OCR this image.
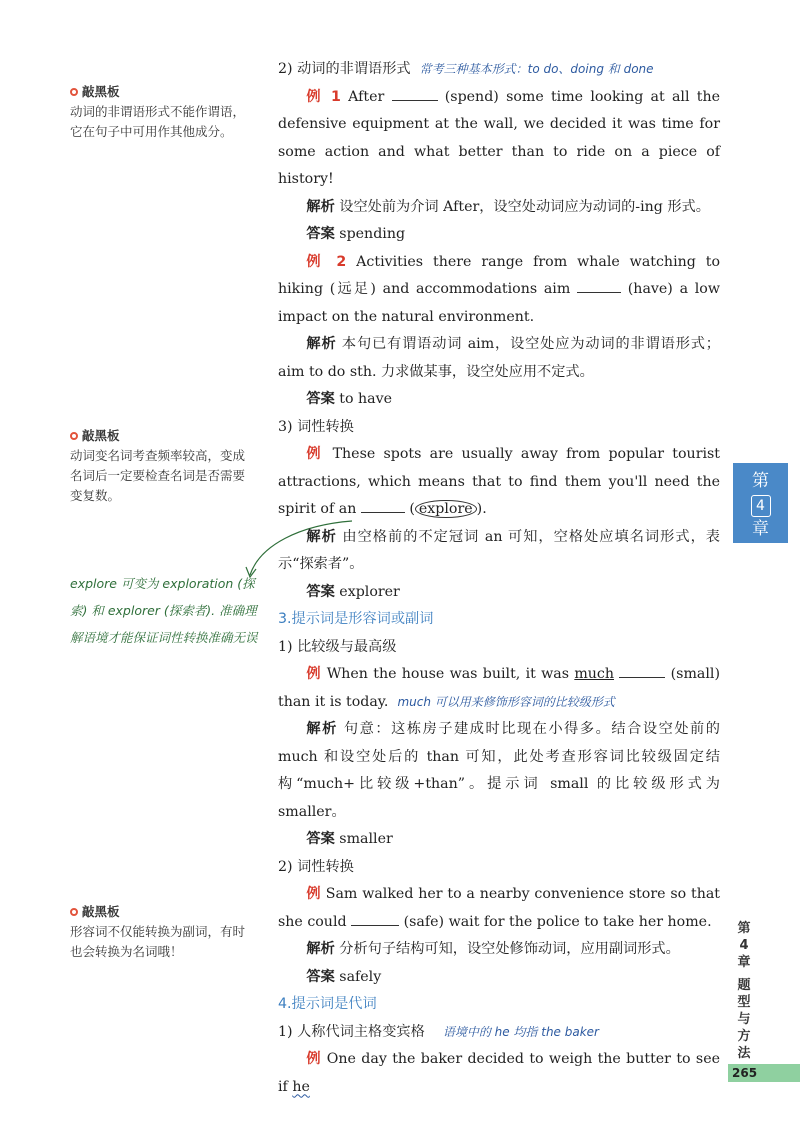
敲黑板
动词的非谓语形式不能作谓语，它在句子中可用作其他成分。
敲黑板
动词变名词考查频率较高，变成名词后一定要检查名词是否需要变复数。
敲黑板
形容词不仅能转换为副词，有时也会转换为名词哦！
explore 可变为 exploration (探索) 和 explorer (探索者). 准确理解语境才能保证词性转换准确无误

2) 动词的非谓语形式 常考三种基本形式：to do、doing 和 done

例 1 After	(spend) some time looking at all the defensive equipment at the wall, we decided it was time for some action and what better than to ride on a piece of history!

解析 设空处前为介词 After，设空处动词应为动词的-ing 形式。

答案 spending

例 2 Activities there range from whale watching to hiking (远足) and accommodations aim	(have) a low impact on the natural environment.

解析 本句已有谓语动词 aim，设空处应为动词的非谓语形式；aim to do sth. 力求做某事，设空处应用不定式。

答案 to have

3) 词性转换

例 These spots are usually away from popular tourist attractions, which means that to find them you'll need the spirit of an	( explore ).

解析 由空格前的不定冠词 an 可知，空格处应填名词形式，表示“探索者”。

答案 explorer

3.提示词是形容词或副词

1) 比较级与最高级

例 When the house was built, it was much	(small) than it is today. much 可以用来修饰形容词的比较级形式

解析 句意：这栋房子建成时比现在小得多。结合设空处前的 much 和设空处后的 than 可知，此处考查形容词比较级固定结构“much+比较级+than”。提示词 small 的比较级形式为 smaller。

答案 smaller

2) 词性转换

例 Sam walked her to a nearby convenience store so that she could	(safe) wait for the police to take her home.

解析 分析句子结构可知，设空处修饰动词，应用副词形式。

答案 safely

4.提示词是代词

1) 人称代词主格变宾格 语境中的 he 均指 the baker

例 One day the baker decided to weigh the butter to see if he

第
4
章
第
4
章
题
型
与
方
法
265
